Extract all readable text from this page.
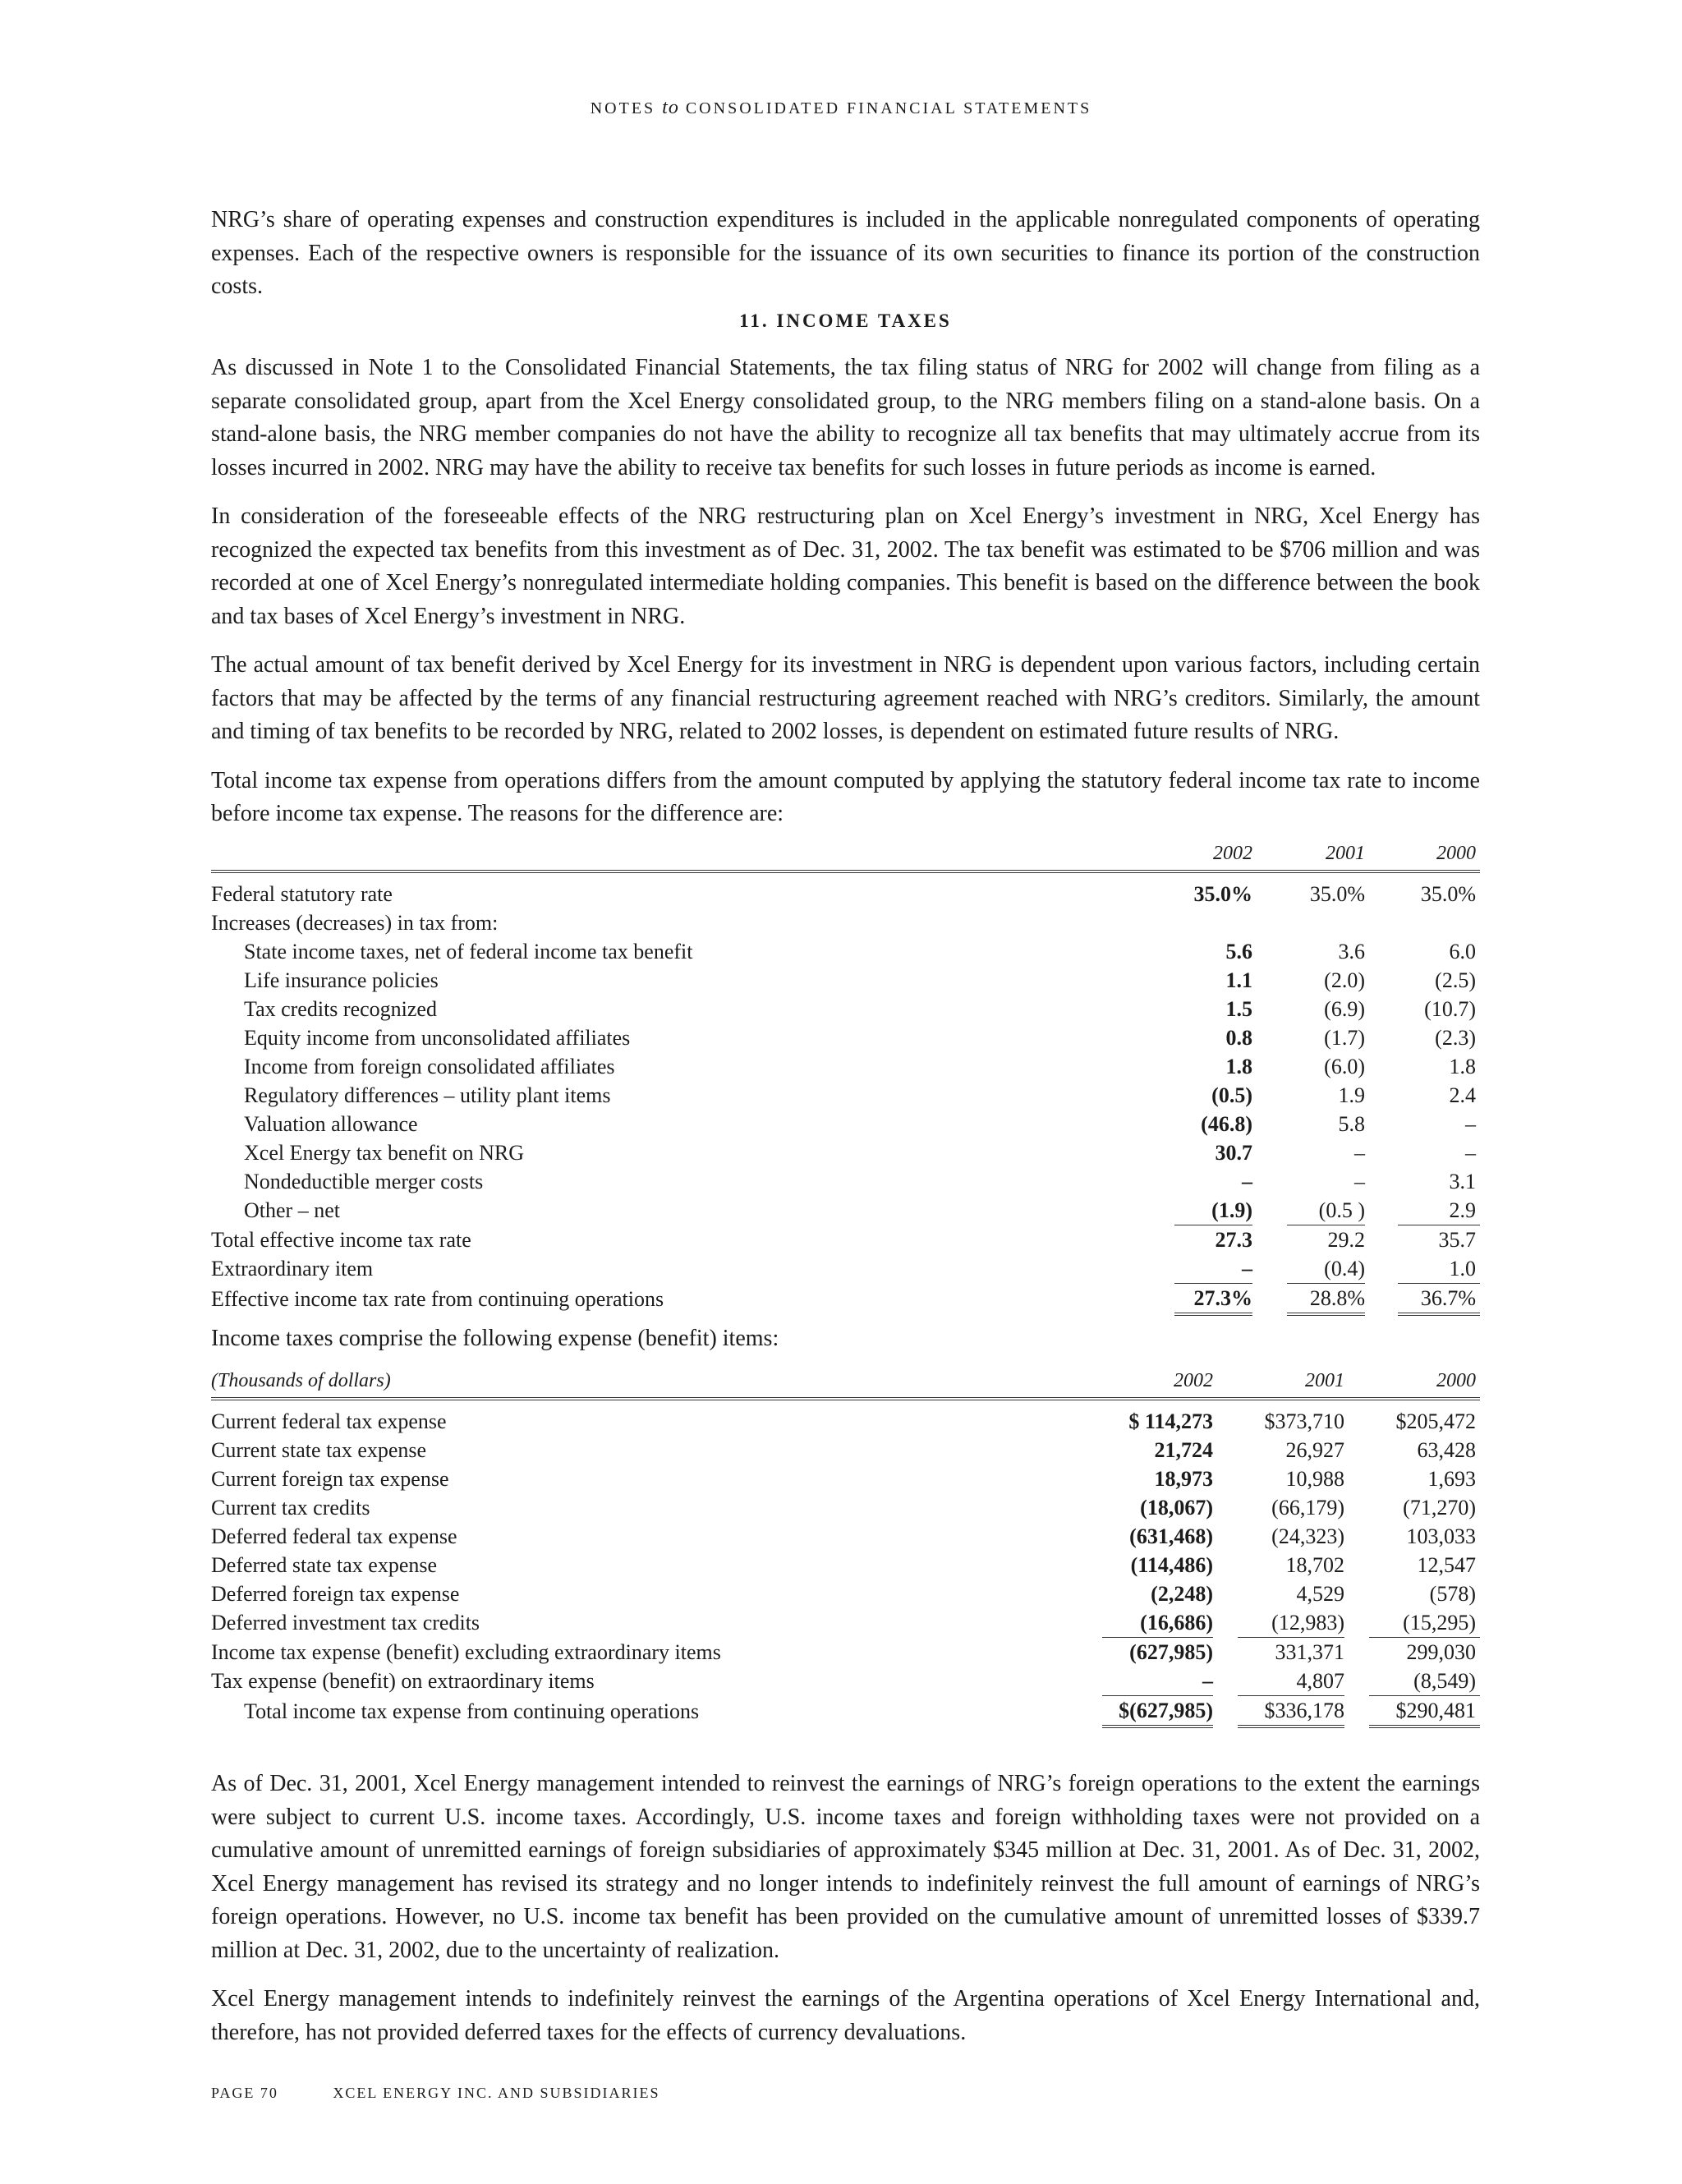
NOTES to CONSOLIDATED FINANCIAL STATEMENTS

NRG’s share of operating expenses and construction expenditures is included in the applicable nonregulated components of operating expenses. Each of the respective owners is responsible for the issuance of its own securities to finance its portion of the construction costs.

11. INCOME TAXES

As discussed in Note 1 to the Consolidated Financial Statements, the tax filing status of NRG for 2002 will change from filing as a separate consolidated group, apart from the Xcel Energy consolidated group, to the NRG members filing on a stand-alone basis. On a stand-alone basis, the NRG member companies do not have the ability to recognize all tax benefits that may ultimately accrue from its losses incurred in 2002. NRG may have the ability to receive tax benefits for such losses in future periods as income is earned.

In consideration of the foreseeable effects of the NRG restructuring plan on Xcel Energy’s investment in NRG, Xcel Energy has recognized the expected tax benefits from this investment as of Dec. 31, 2002. The tax benefit was estimated to be $706 million and was recorded at one of Xcel Energy’s nonregulated intermediate holding companies. This benefit is based on the difference between the book and tax bases of Xcel Energy’s investment in NRG.

The actual amount of tax benefit derived by Xcel Energy for its investment in NRG is dependent upon various factors, including certain factors that may be affected by the terms of any financial restructuring agreement reached with NRG’s creditors. Similarly, the amount and timing of tax benefits to be recorded by NRG, related to 2002 losses, is dependent on estimated future results of NRG.

Total income tax expense from operations differs from the amount computed by applying the statutory federal income tax rate to income before income tax expense. The reasons for the difference are:

	2002		2001		2000	
Federal statutory rate	35.0%		35.0%		35.0%	
Increases (decreases) in tax from:						
State income taxes, net of federal income tax benefit	5.6		3.6		6.0	
Life insurance policies	1.1		(2.0)		(2.5)	
Tax credits recognized	1.5		(6.9)		(10.7)	
Equity income from unconsolidated affiliates	0.8		(1.7)		(2.3)	
Income from foreign consolidated affiliates	1.8		(6.0)		1.8	
Regulatory differences – utility plant items	(0.5)		1.9		2.4	
Valuation allowance	(46.8)		5.8		–	
Xcel Energy tax benefit on NRG	30.7		–		–	
Nondeductible merger costs	–		–		3.1	
Other – net	(1.9)		(0.5 )		2.9	
Total effective income tax rate	27.3		29.2		35.7	
Extraordinary item	–		(0.4)		1.0	
Effective income tax rate from continuing operations	27.3%		28.8%		36.7%	

Income taxes comprise the following expense (benefit) items:

(Thousands of dollars)	2002		2001		2000	
Current federal tax expense	$ 114,273		$373,710		$205,472	
Current state tax expense	21,724		26,927		63,428	
Current foreign tax expense	18,973		10,988		1,693	
Current tax credits	(18,067)		(66,179)		(71,270)	
Deferred federal tax expense	(631,468)		(24,323)		103,033	
Deferred state tax expense	(114,486)		18,702		12,547	
Deferred foreign tax expense	(2,248)		4,529		(578)	
Deferred investment tax credits	(16,686)		(12,983)		(15,295)	
Income tax expense (benefit) excluding extraordinary items	(627,985)		331,371		299,030	
Tax expense (benefit) on extraordinary items	–		4,807		(8,549)	
Total income tax expense from continuing operations	$(627,985)		$336,178		$290,481	

As of Dec. 31, 2001, Xcel Energy management intended to reinvest the earnings of NRG’s foreign operations to the extent the earnings were subject to current U.S. income taxes. Accordingly, U.S. income taxes and foreign withholding taxes were not provided on a cumulative amount of unremitted earnings of foreign subsidiaries of approximately $345 million at Dec. 31, 2001. As of Dec. 31, 2002, Xcel Energy management has revised its strategy and no longer intends to indefinitely reinvest the full amount of earnings of NRG’s foreign operations. However, no U.S. income tax benefit has been provided on the cumulative amount of unremitted losses of $339.7 million at Dec. 31, 2002, due to the uncertainty of realization.

Xcel Energy management intends to indefinitely reinvest the earnings of the Argentina operations of Xcel Energy International and, therefore, has not provided deferred taxes for the effects of currency devaluations.

PAGE 70	XCEL ENERGY INC. AND SUBSIDIARIES
